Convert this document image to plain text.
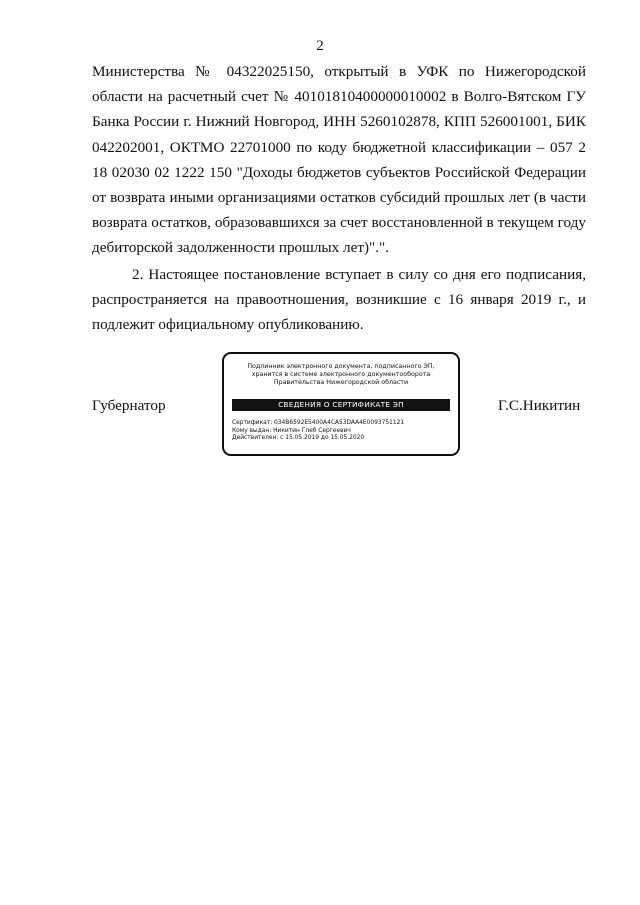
2

Министерства № 04322025150, открытый в УФК по Нижегородской области на расчетный счет № 40101810400000010002 в Волго-Вятском ГУ Банка России г. Нижний Новгород, ИНН 5260102878, КПП 526001001, БИК 042202001, ОКТМО 22701000 по коду бюджетной классификации – 057 2 18 02030 02 1222 150 "Доходы бюджетов субъектов Российской Федерации от возврата иными организациями остатков субсидий прошлых лет (в части возврата остатков, образовавшихся за счет восстановленной в текущем году дебиторской задолженности прошлых лет)".".

2. Настоящее постановление вступает в силу со дня его подписания, распространяется на правоотношения, возникшие с 16 января 2019 г., и подлежит официальному опубликованию.

Губернатор
Подлинник электронного документа, подписанного ЭП,
хранится в системе электронного документооборота
Правительства Нижегородской области
СВЕДЕНИЯ О СЕРТИФИКАТЕ ЭП
Сертификат: 034B6592E5400A4CA53DAA4E0093751121
Кому выдан: Никитин Глеб Сергеевич
Действителен: с 15.05.2019 до 15.05.2020
Г.С.Никитин
